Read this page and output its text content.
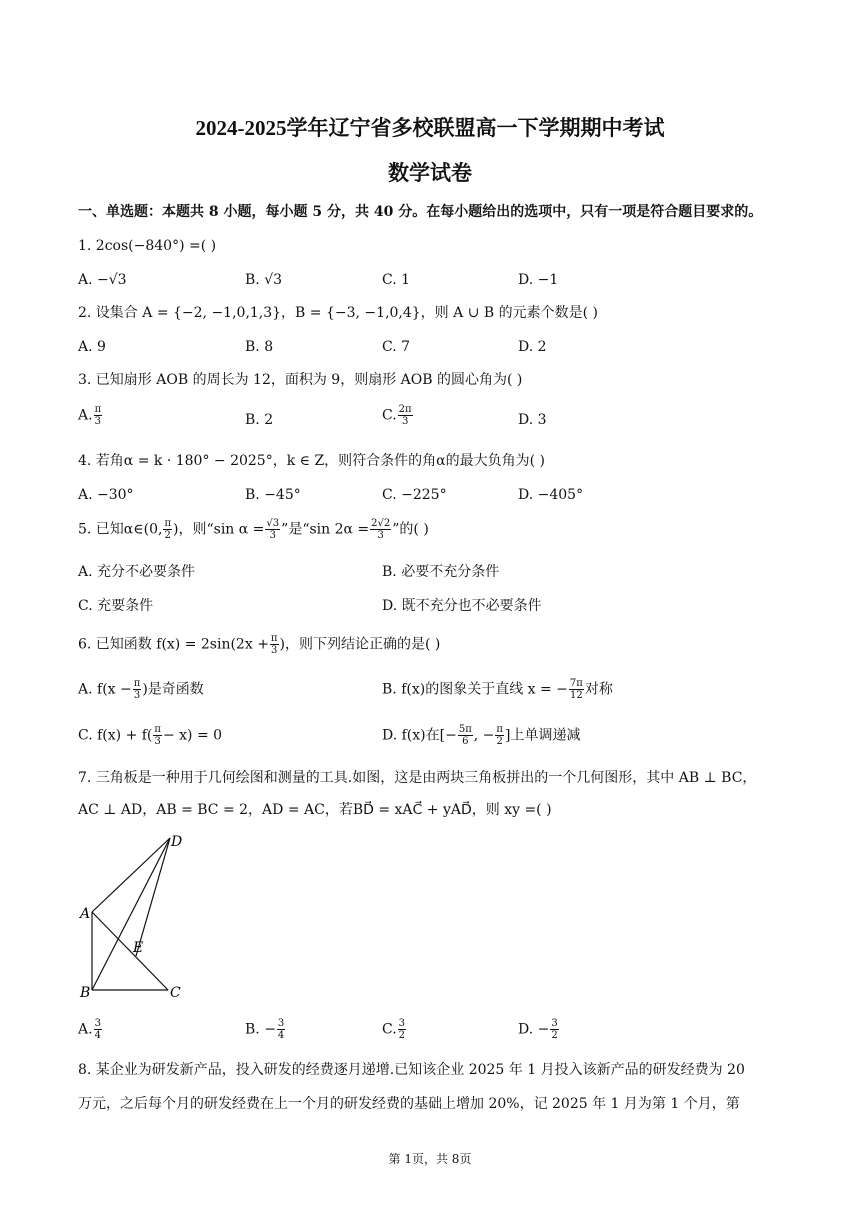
2024-2025学年辽宁省多校联盟高一下学期期中考试
数学试卷
一、单选题：本题共 8 小题，每小题 5 分，共 40 分。在每小题给出的选项中，只有一项是符合题目要求的。
1. 2cos(−840°) =( )
A. −√3	B. √3	C. 1	D. −1
2. 设集合 A = {−2, −1,0,1,3}，B = {−3, −1,0,4}，则 A ∪ B 的元素个数是( )
A. 9	B. 8	C. 7	D. 2
3. 已知扇形 AOB 的周长为 12，面积为 9，则扇形 AOB 的圆心角为( )
A. $\frac{\pi}{3}$	B. 2	C. $\frac{2\pi}{3}$	D. 3
4. 若角α = k · 180° − 2025°，k ∈ Z，则符合条件的角α的最大负角为( )
A. −30°	B. −45°	C. −225°	D. −405°
5. 已知α∈(0, $\frac{\pi}{2}$ )，则“sin $\alpha = \frac{√3}{3}$ ”是“sin $2\alpha = \frac{2√2}{3}$ ”的( )
A. 充分不必要条件	B. 必要不充分条件
C. 充要条件	D. 既不充分也不必要条件
6. 已知函数 $f(x) = 2\sin(2x + \frac{\pi}{3}$ )，则下列结论正确的是( )
A. $f(x - \frac{\pi}{3}$ )是奇函数	B. f(x)的图象关于直线 x = − $\frac{7\pi}{12}$ 对称
C. $f(x) + f( \frac{\pi}{3} - x) = 0$	D. f(x)在[− $\frac{5\pi}{6}$ , − $\frac{\pi}{2}$ ]上单调递减
7. 三角板是一种用于几何绘图和测量的工具.如图，这是由两块三角板拼出的一个几何图形，其中 AB ⊥ BC，
AC ⊥ AD，AB = BC = 2，AD = AC，若BD⃗ = xAC⃗ + yAD⃗，则 xy =( )
A
B	C
D
E
A. $\frac{3}{4}$	B. − $\frac{3}{4}$	C. $\frac{3}{2}$	D. − $\frac{3}{2}$
8. 某企业为研发新产品，投入研发的经费逐月递增.已知该企业 2025 年 1 月投入该新产品的研发经费为 20
万元，之后每个月的研发经费在上一个月的研发经费的基础上增加 20%，记 2025 年 1 月为第 1 个月，第
第 1页，共 8页
